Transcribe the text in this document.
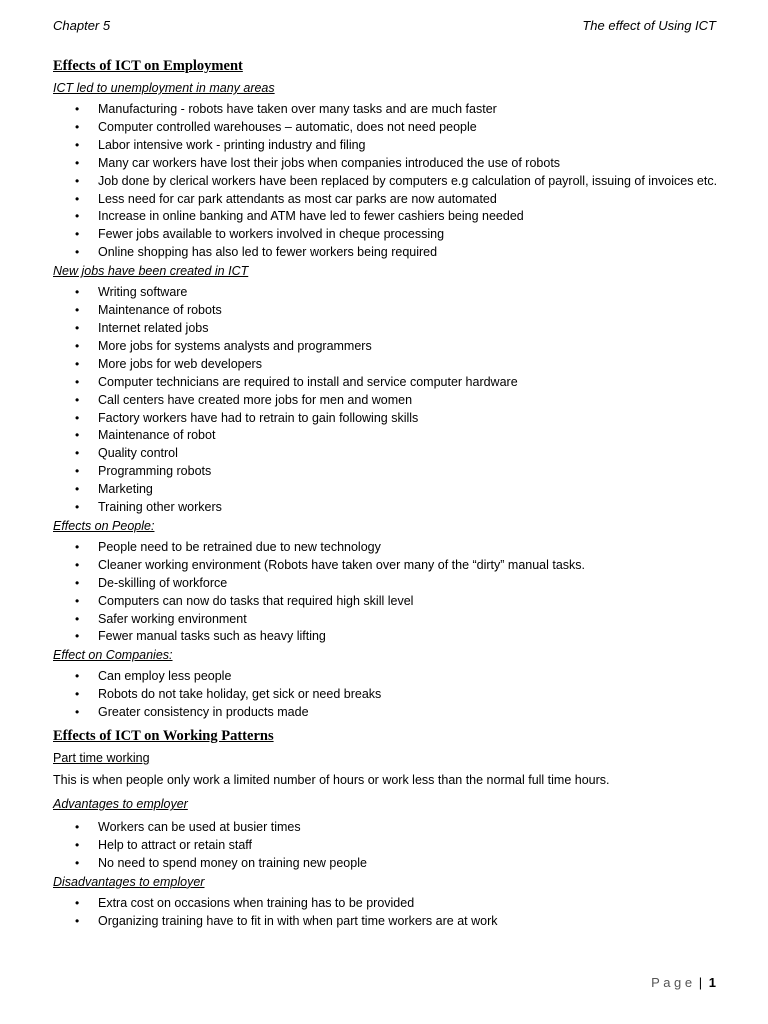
Chapter 5	The effect of Using ICT
Effects of ICT on Employment
ICT led to unemployment in many areas
• Manufacturing - robots have taken over many tasks and are much faster
• Computer controlled warehouses – automatic, does not need people
• Labor intensive work - printing industry and filing
• Many car workers have lost their jobs when companies introduced the use of robots
• Job done by clerical workers have been replaced by computers e.g calculation of payroll, issuing of invoices etc.
• Less need for car park attendants as most car parks are now automated
• Increase in online banking and ATM have led to fewer cashiers being needed
• Fewer jobs available to workers involved in cheque processing
• Online shopping has also led to fewer workers being required
New jobs have been created in ICT
• Writing software
• Maintenance of robots
• Internet related jobs
• More jobs for systems analysts and programmers
• More jobs for web developers
• Computer technicians are required to install and service computer hardware
• Call centers have created more jobs for men and women
• Factory workers have had to retrain to gain following skills
• Maintenance of robot
• Quality control
• Programming robots
• Marketing
• Training other workers
Effects on People:
• People need to be retrained due to new technology
• Cleaner working environment (Robots have taken over many of the “dirty” manual tasks.
• De-skilling of workforce
• Computers can now do tasks that required high skill level
• Safer working environment
• Fewer manual tasks such as heavy lifting
Effect on Companies:
• Can employ less people
• Robots do not take holiday, get sick or need breaks
• Greater consistency in products made
Effects of ICT on Working Patterns
Part time working

This is when people only work a limited number of hours or work less than the normal full time hours.

Advantages to employer
• Workers can be used at busier times
• Help to attract or retain staff
• No need to spend money on training new people
Disadvantages to employer
• Extra cost on occasions when training has to be provided
• Organizing training have to fit in with when part time workers are at work
P a g e | 1
